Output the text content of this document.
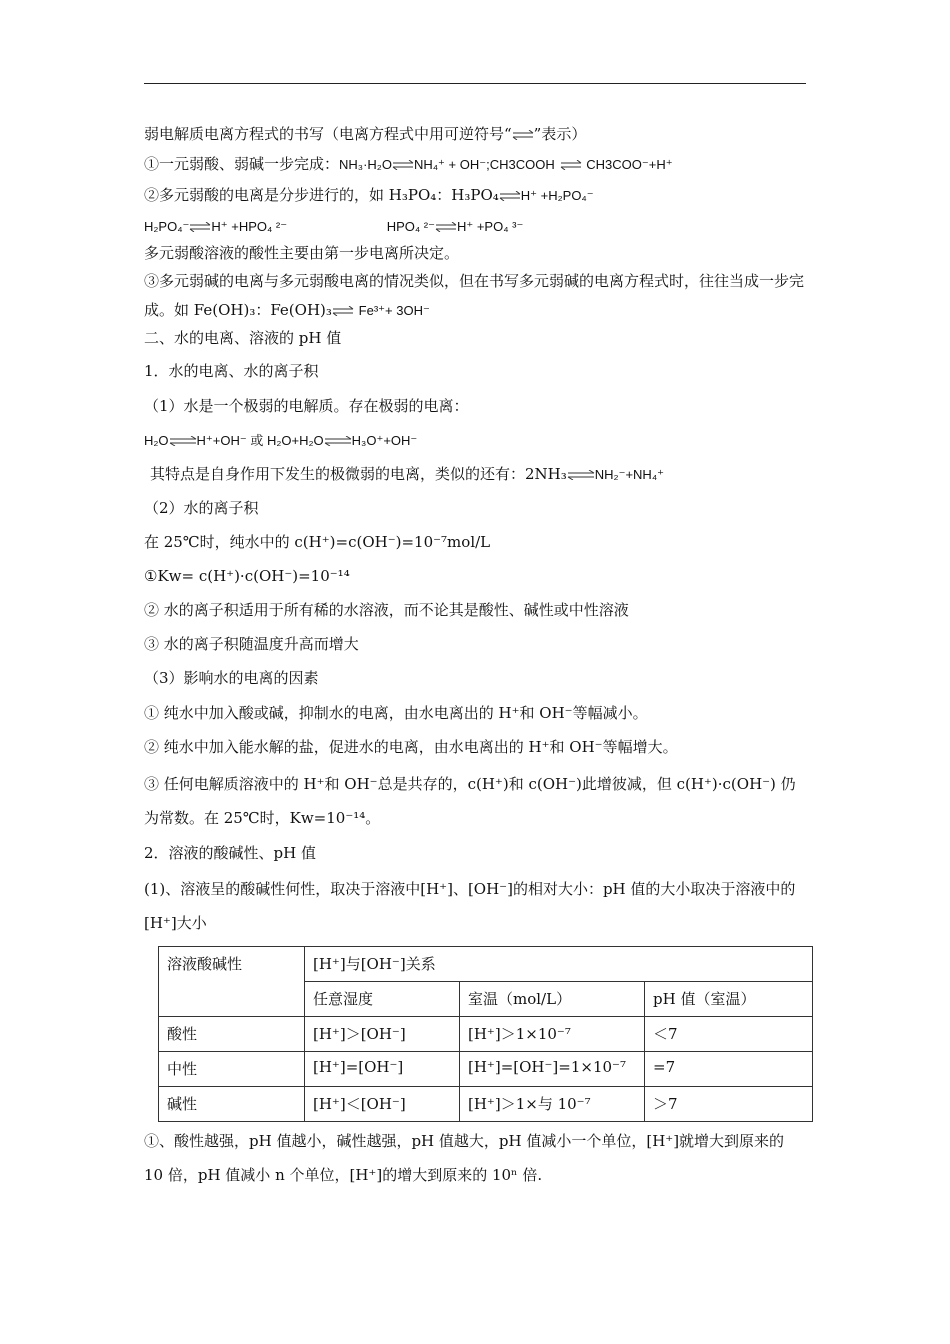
弱电解质电离方程式的书写（电离方程式中用可逆符号“⇌”表示）
①一元弱酸、弱碱一步完成：NH₃·H₂O⇌NH₄⁺ + OH⁻;CH3COOH ⇌ CH3COO⁻+H⁺
②多元弱酸的电离是分步进行的，如 H₃PO₄：H₃PO₄⇌H⁺ +H₂PO₄⁻
H₂PO₄⁻⇌H⁺ +HPO₄ ²⁻	HPO₄ ²⁻⇌H⁺ +PO₄ ³⁻
多元弱酸溶液的酸性主要由第一步电离所决定。
③多元弱碱的电离与多元弱酸电离的情况类似，但在书写多元弱碱的电离方程式时，往往当成一步完成。如 Fe(OH)₃：Fe(OH)₃⇌ Fe³⁺+ 3OH⁻
二、水的电离、溶液的 pH 值
1．水的电离、水的离子积
（1）水是一个极弱的电解质。存在极弱的电离：
H₂O⇌H⁺+OH⁻ 或 H₂O+H₂O⇌H₃O⁺+OH⁻
其特点是自身作用下发生的极微弱的电离，类似的还有：2NH₃⇌NH₂⁻+NH₄⁺
（2）水的离子积
在 25℃时，纯水中的 c(H⁺)=c(OH⁻)=10⁻⁷mol/L
①Kw= c(H⁺)·c(OH⁻)=10⁻¹⁴
② 水的离子积适用于所有稀的水溶液，而不论其是酸性、碱性或中性溶液
③ 水的离子积随温度升高而增大
（3）影响水的电离的因素
① 纯水中加入酸或碱，抑制水的电离，由水电离出的 H⁺和 OH⁻等幅减小。
② 纯水中加入能水解的盐，促进水的电离，由水电离出的 H⁺和 OH⁻等幅增大。
③ 任何电解质溶液中的 H⁺和 OH⁻总是共存的，c(H⁺)和 c(OH⁻)此增彼减，但 c(H⁺)·c(OH⁻) 仍为常数。在 25℃时，Kw=10⁻¹⁴。
2．溶液的酸碱性、pH 值
(1)、溶液呈的酸碱性何性，取决于溶液中[H⁺]、[OH⁻]的相对大小：pH 值的大小取决于溶液中的[H⁺]大小
溶液酸碱性	[H⁺]与[OH⁻]关系		
	任意湿度	室温（mol/L）	pH 值（室温）
酸性	[H⁺]＞[OH⁻]	[H⁺]＞1×10⁻⁷	＜7
中性	[H⁺]=[OH⁻]	[H⁺]=[OH⁻]=1×10⁻⁷	=7
碱性	[H⁺]＜[OH⁻]	[H⁺]＞1×与 10⁻⁷	＞7
①、酸性越强，pH 值越小，碱性越强，pH 值越大，pH 值减小一个单位，[H⁺]就增大到原来的 10 倍，pH 值减小 n 个单位，[H⁺]的增大到原来的 10ⁿ 倍.
